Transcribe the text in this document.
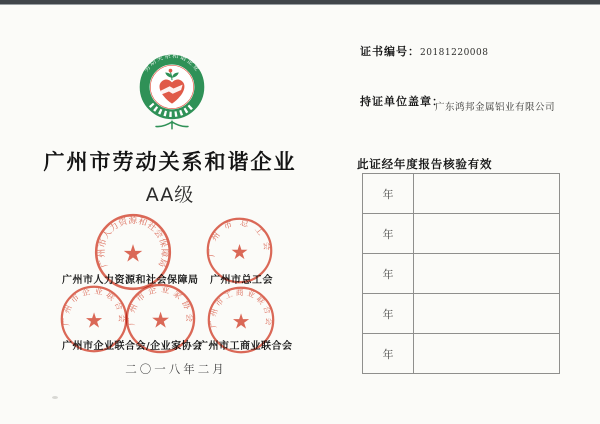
劳动关系和谐企业
广州市劳动关系和谐企业
AA级
广州市人力资源和社会保障局 广州市总工会
广州市企业联合会/企业家协会
广州市工商业联合会
广州市人力资源和社会保障局
★	广州市总工会
★
广州市企业联合会
★ 广州市企业家协会
★	广州市工商业联合会
★
二〇一八年二月
证书编号： 20181220008
持证单位盖章：
广东鸿邦金属铝业有限公司
此证经年度报告核验有效
年
年
年
年
年
